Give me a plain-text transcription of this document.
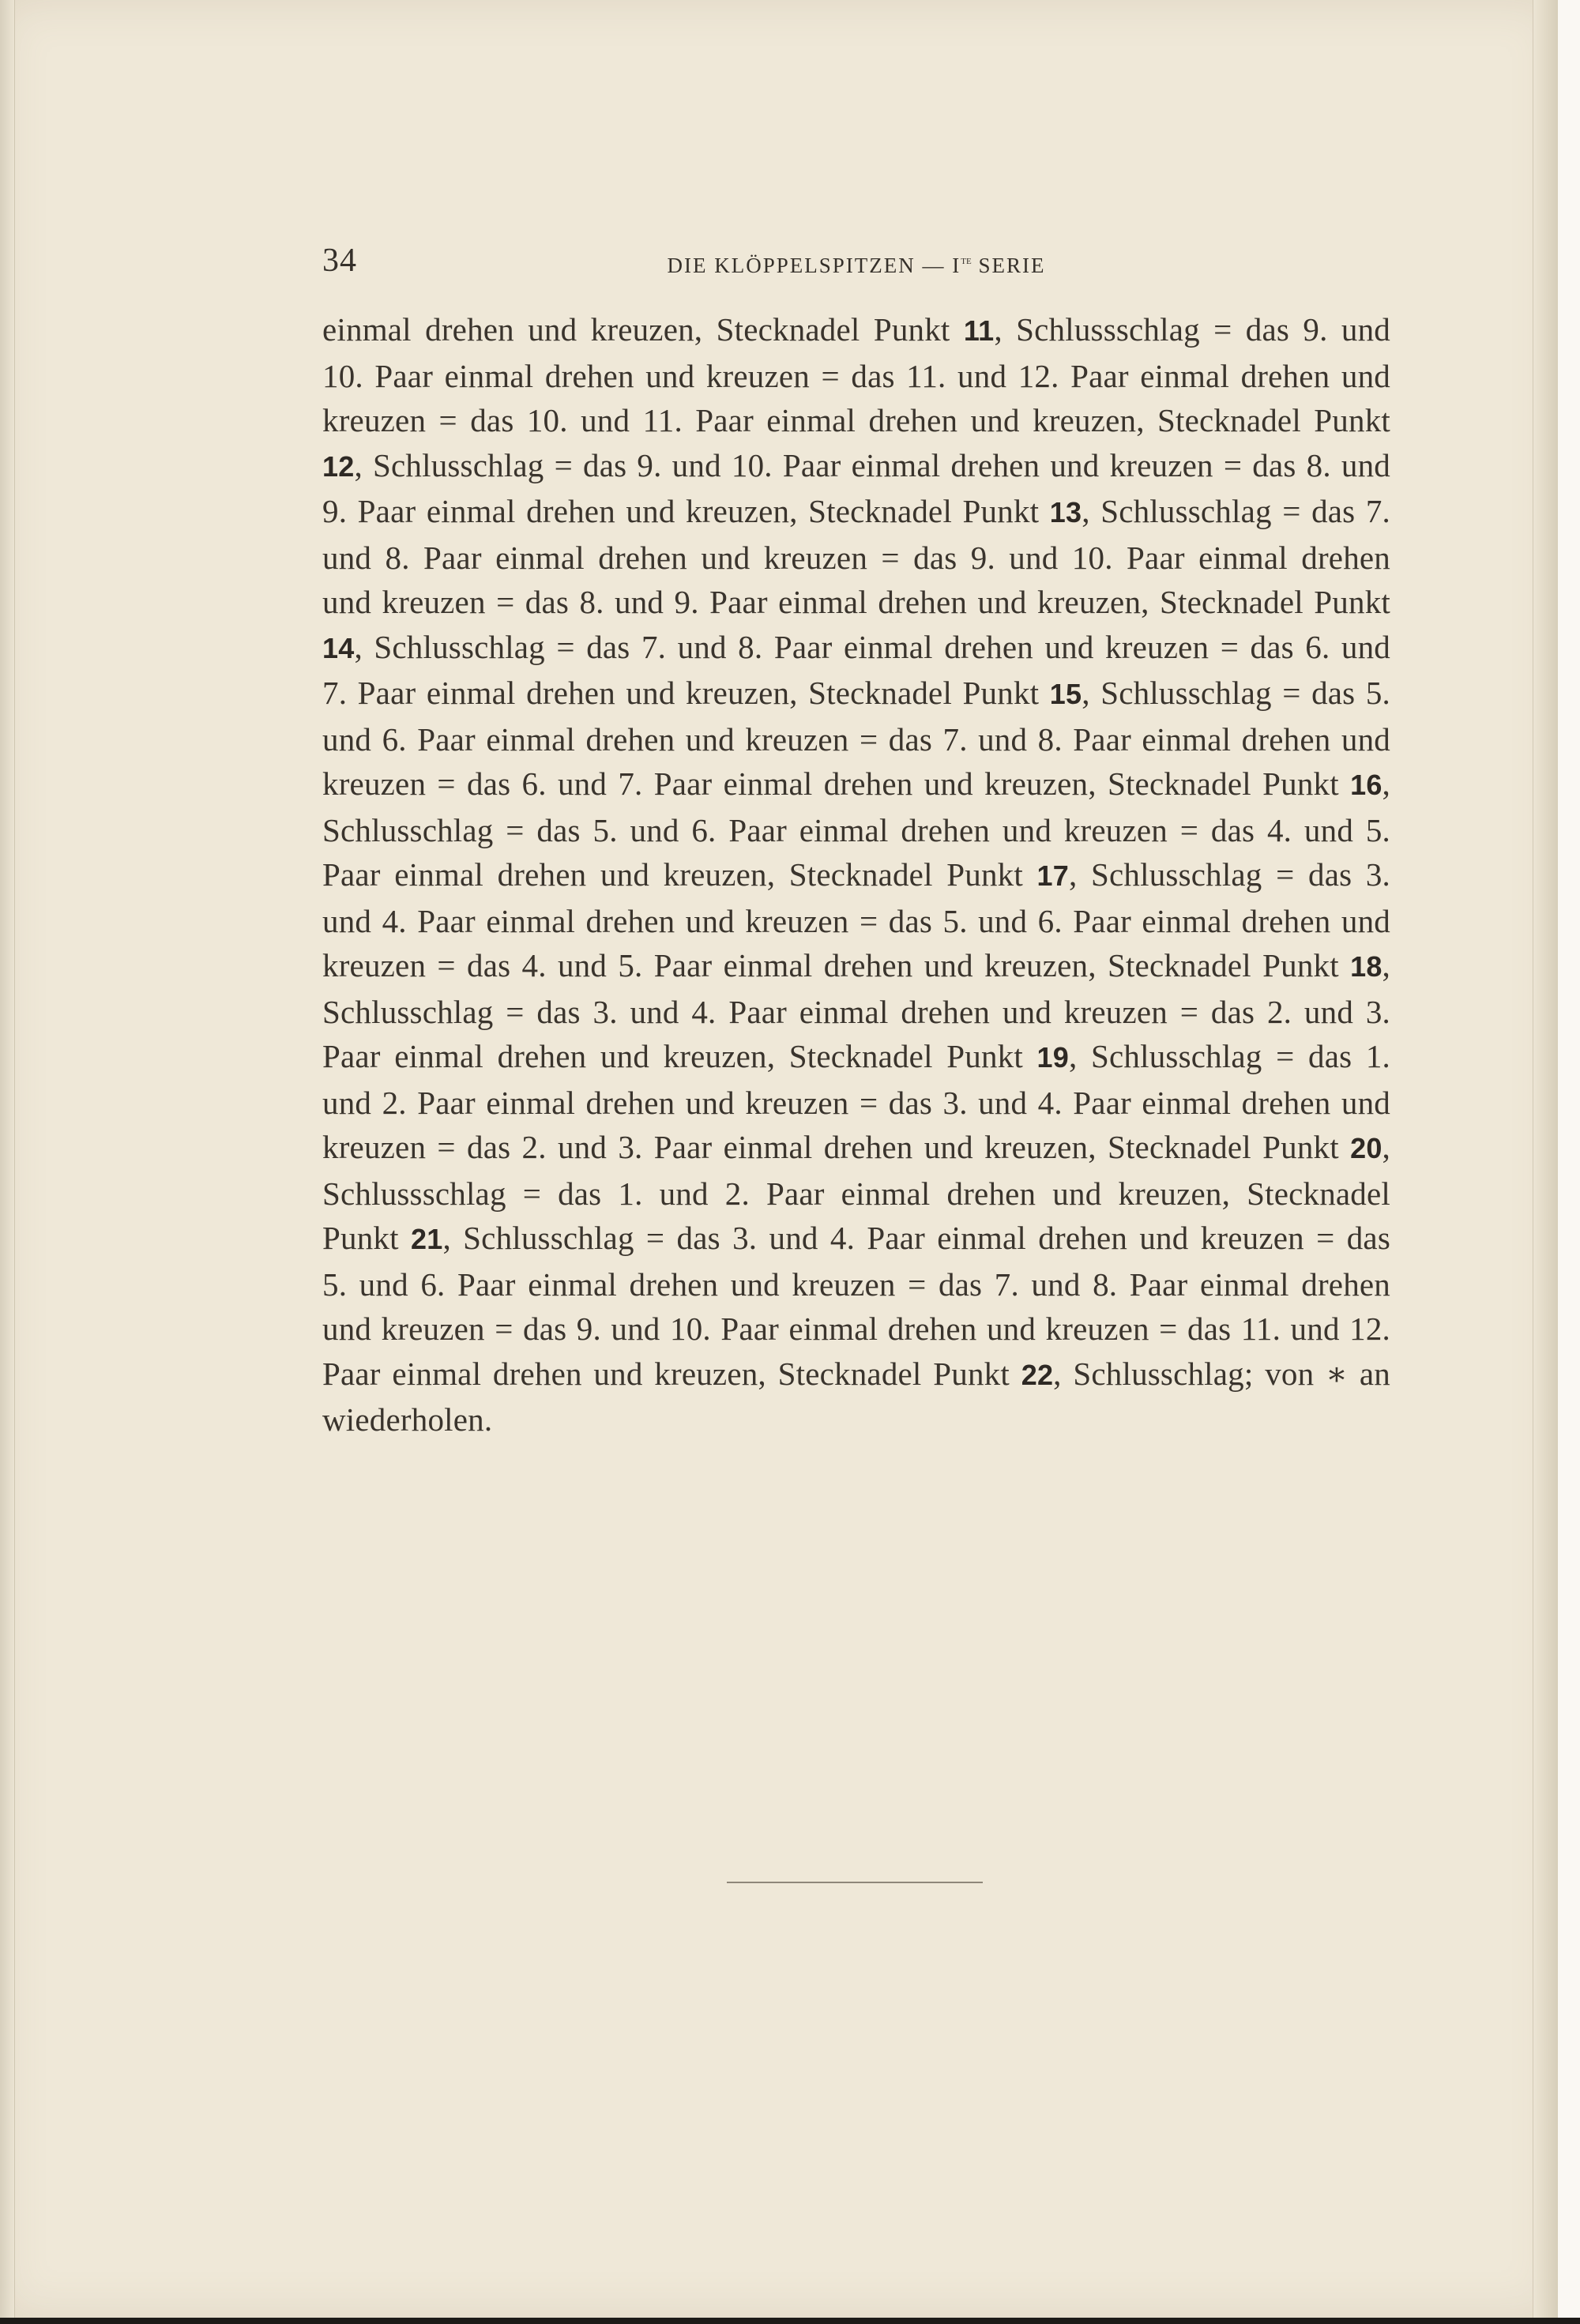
34	DIE KLÖPPELSPITZEN — $I^{te}$ SERIE

einmal drehen und kreuzen, Stecknadel Punkt 11, Schlussschlag = das 9. und 10. Paar einmal drehen und kreuzen = das 11. und 12. Paar einmal drehen und kreuzen = das 10. und 11. Paar einmal drehen und kreuzen, Stecknadel Punkt 12, Schlusschlag = das 9. und 10. Paar einmal drehen und kreuzen = das 8. und 9. Paar einmal drehen und kreuzen, Stecknadel Punkt 13, Schlusschlag = das 7. und 8. Paar einmal drehen und kreuzen = das 9. und 10. Paar einmal drehen und kreuzen = das 8. und 9. Paar einmal drehen und kreuzen, Stecknadel Punkt 14, Schlusschlag = das 7. und 8. Paar einmal drehen und kreuzen = das 6. und 7. Paar einmal drehen und kreuzen, Stecknadel Punkt 15, Schlusschlag = das 5. und 6. Paar einmal drehen und kreuzen = das 7. und 8. Paar einmal drehen und kreuzen = das 6. und 7. Paar einmal drehen und kreuzen, Stecknadel Punkt 16, Schlusschlag = das 5. und 6. Paar einmal drehen und kreuzen = das 4. und 5. Paar einmal drehen und kreuzen, Stecknadel Punkt 17, Schlusschlag = das 3. und 4. Paar einmal drehen und kreuzen = das 5. und 6. Paar einmal drehen und kreuzen = das 4. und 5. Paar einmal drehen und kreuzen, Stecknadel Punkt 18, Schlusschlag = das 3. und 4. Paar einmal drehen und kreuzen = das 2. und 3. Paar einmal drehen und kreuzen, Stecknadel Punkt 19, Schlusschlag = das 1. und 2. Paar einmal drehen und kreuzen = das 3. und 4. Paar einmal drehen und kreuzen = das 2. und 3. Paar einmal drehen und kreuzen, Stecknadel Punkt 20, Schlussschlag = das 1. und 2. Paar einmal drehen und kreuzen, Stecknadel Punkt 21, Schlusschlag = das 3. und 4. Paar einmal drehen und kreuzen = das 5. und 6. Paar einmal drehen und kreuzen = das 7. und 8. Paar einmal drehen und kreuzen = das 9. und 10. Paar einmal drehen und kreuzen = das 11. und 12. Paar einmal drehen und kreuzen, Stecknadel Punkt 22, Schlusschlag; von ∗ an wiederholen.
